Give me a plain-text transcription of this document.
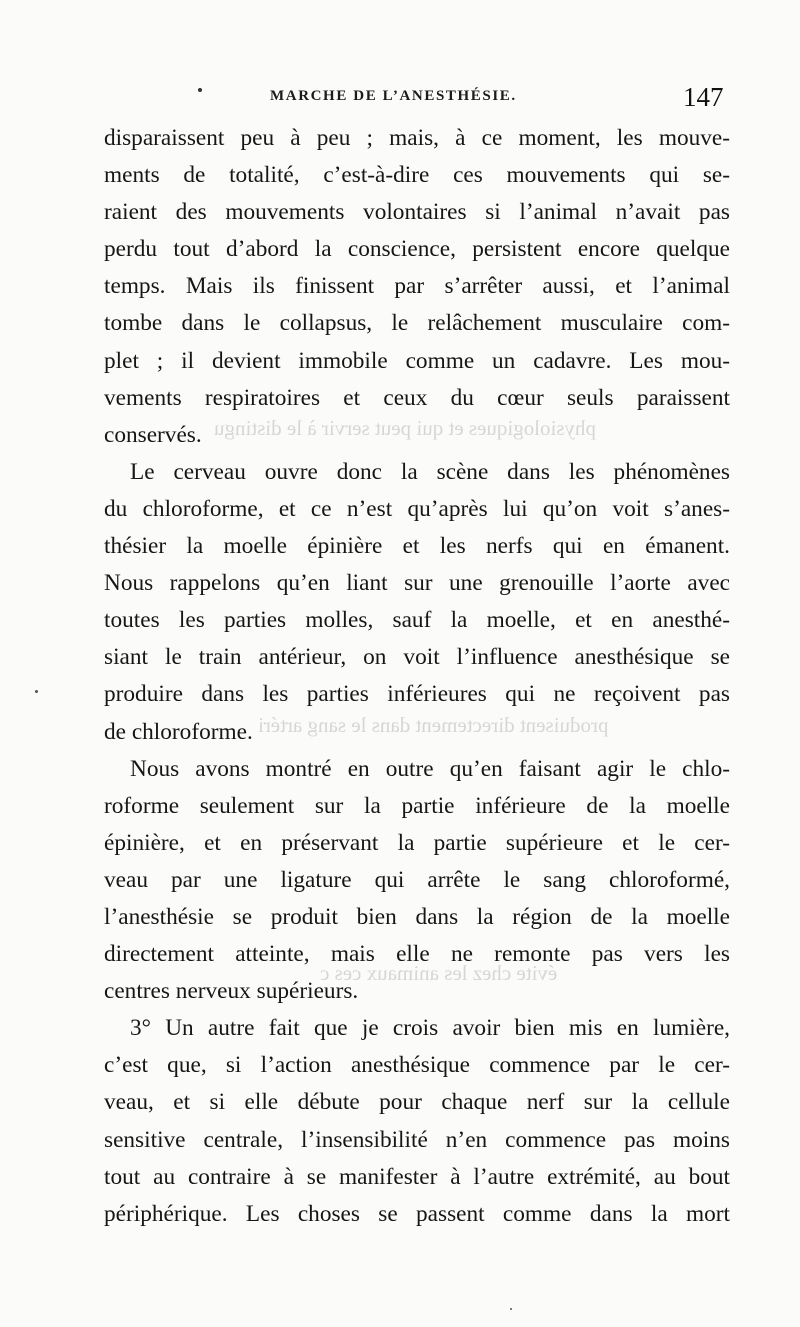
MARCHE DE L’ANESTHÉSIE.	147
physiologiques et qui peut servir à le distingu
produisent directement dans le sang artéri
évite chez les animaux ces c
disparaissent peu à peu ; mais, à ce moment, les mouve-
ments de totalité, c’est-à-dire ces mouvements qui se-
raient des mouvements volontaires si l’animal n’avait pas
perdu tout d’abord la conscience, persistent encore quelque
temps. Mais ils finissent par s’arrêter aussi, et l’animal
tombe dans le collapsus, le relâchement musculaire com-
plet ; il devient immobile comme un cadavre. Les mou-
vements respiratoires et ceux du cœur seuls paraissent
conservés.
Le cerveau ouvre donc la scène dans les phénomènes
du chloroforme, et ce n’est qu’après lui qu’on voit s’anes-
thésier la moelle épinière et les nerfs qui en émanent.
Nous rappelons qu’en liant sur une grenouille l’aorte avec
toutes les parties molles, sauf la moelle, et en anesthé-
siant le train antérieur, on voit l’influence anesthésique se
produire dans les parties inférieures qui ne reçoivent pas
de chloroforme.
Nous avons montré en outre qu’en faisant agir le chlo-
roforme seulement sur la partie inférieure de la moelle
épinière, et en préservant la partie supérieure et le cer-
veau par une ligature qui arrête le sang chloroformé,
l’anesthésie se produit bien dans la région de la moelle
directement atteinte, mais elle ne remonte pas vers les
centres nerveux supérieurs.
3° Un autre fait que je crois avoir bien mis en lumière,
c’est que, si l’action anesthésique commence par le cer-
veau, et si elle débute pour chaque nerf sur la cellule
sensitive centrale, l’insensibilité n’en commence pas moins
tout au contraire à se manifester à l’autre extrémité, au bout
périphérique. Les choses se passent comme dans la mort
